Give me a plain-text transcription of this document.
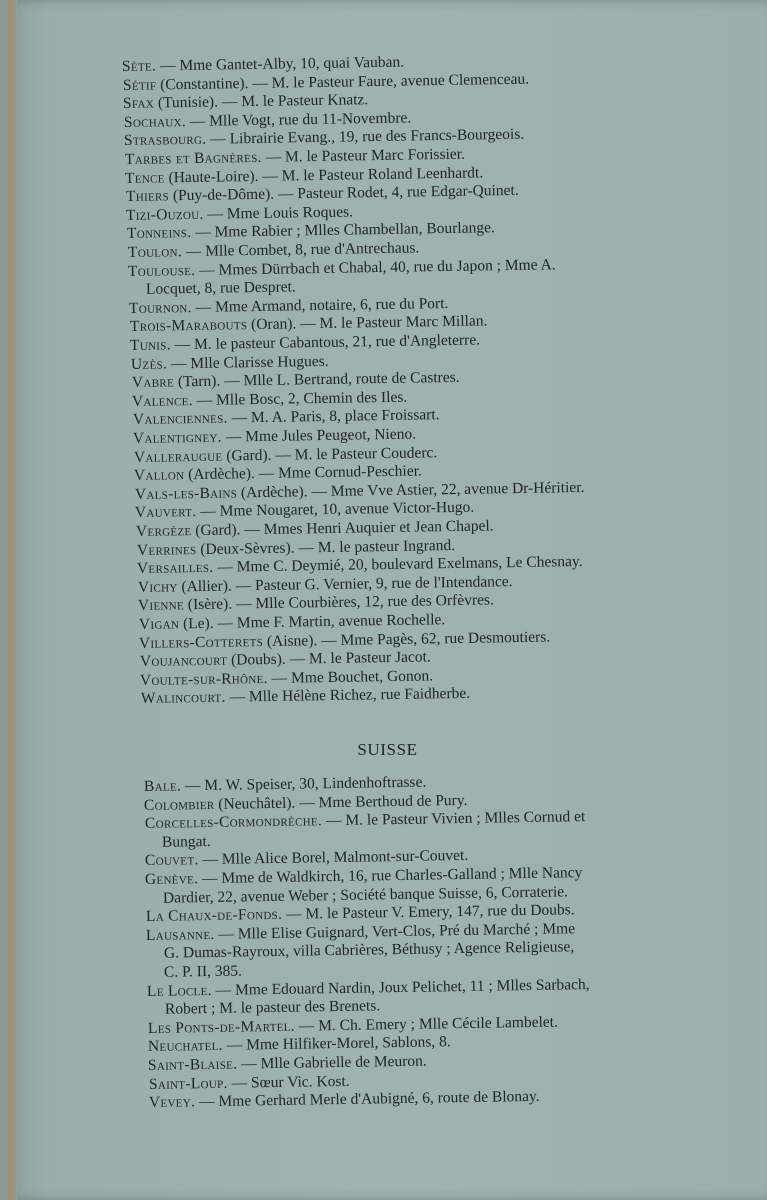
SUISSE
Sète. — Mme Gantet-Alby, 10, quai Vauban.
Sétif (Constantine). — M. le Pasteur Faure, avenue Clemenceau.
Sfax (Tunisie). — M. le Pasteur Knatz.
Sochaux. — Mlle Vogt, rue du 11-Novembre.
Strasbourg. — Librairie Evang., 19, rue des Francs-Bourgeois.
Tarbes et Bagnères. — M. le Pasteur Marc Forissier.
Tence (Haute-Loire). — M. le Pasteur Roland Leenhardt.
Thiers (Puy-de-Dôme). — Pasteur Rodet, 4, rue Edgar-Quinet.
Tizi-Ouzou. — Mme Louis Roques.
Tonneins. — Mme Rabier ; Mlles Chambellan, Bourlange.
Toulon. — Mlle Combet, 8, rue d'Antrechaus.
Toulouse. — Mmes Dürrbach et Chabal, 40, rue du Japon ; Mme A.
Locquet, 8, rue Despret.
Tournon. — Mme Armand, notaire, 6, rue du Port.
Trois-Marabouts (Oran). — M. le Pasteur Marc Millan.
Tunis. — M. le pasteur Cabantous, 21, rue d'Angleterre.
Uzès. — Mlle Clarisse Hugues.
Vabre (Tarn). — Mlle L. Bertrand, route de Castres.
Valence. — Mlle Bosc, 2, Chemin des Iles.
Valenciennes. — M. A. Paris, 8, place Froissart.
Valentigney. — Mme Jules Peugeot, Nieno.
Valleraugue (Gard). — M. le Pasteur Couderc.
Vallon (Ardèche). — Mme Cornud-Peschier.
Vals-les-Bains (Ardèche). — Mme Vve Astier, 22, avenue Dr-Héritier.
Vauvert. — Mme Nougaret, 10, avenue Victor-Hugo.
Vergèze (Gard). — Mmes Henri Auquier et Jean Chapel.
Verrines (Deux-Sèvres). — M. le pasteur Ingrand.
Versailles. — Mme C. Deymié, 20, boulevard Exelmans, Le Chesnay.
Vichy (Allier). — Pasteur G. Vernier, 9, rue de l'Intendance.
Vienne (Isère). — Mlle Courbières, 12, rue des Orfèvres.
Vigan (Le). — Mme F. Martin, avenue Rochelle.
Villers-Cotterets (Aisne). — Mme Pagès, 62, rue Desmoutiers.
Voujancourt (Doubs). — M. le Pasteur Jacot.
Voulte-sur-Rhône. — Mme Bouchet, Gonon.
Walincourt. — Mlle Hélène Richez, rue Faidherbe.
Bale. — M. W. Speiser, 30, Lindenhoftrasse.
Colombier (Neuchâtel). — Mme Berthoud de Pury.
Corcelles-Cormondrèche. — M. le Pasteur Vivien ; Mlles Cornud et
Bungat.
Couvet. — Mlle Alice Borel, Malmont-sur-Couvet.
Genève. — Mme de Waldkirch, 16, rue Charles-Galland ; Mlle Nancy
Dardier, 22, avenue Weber ; Société banque Suisse, 6, Corraterie.
La Chaux-de-Fonds. — M. le Pasteur V. Emery, 147, rue du Doubs.
Lausanne. — Mlle Elise Guignard, Vert-Clos, Pré du Marché ; Mme
G. Dumas-Rayroux, villa Cabrières, Béthusy ; Agence Religieuse,
C. P. II, 385.
Le Locle. — Mme Edouard Nardin, Joux Pelichet, 11 ; Mlles Sarbach,
Robert ; M. le pasteur des Brenets.
Les Ponts-de-Martel. — M. Ch. Emery ; Mlle Cécile Lambelet.
Neuchatel. — Mme Hilfiker-Morel, Sablons, 8.
Saint-Blaise. — Mlle Gabrielle de Meuron.
Saint-Loup. — Sœur Vic. Kost.
Vevey. — Mme Gerhard Merle d'Aubigné, 6, route de Blonay.
